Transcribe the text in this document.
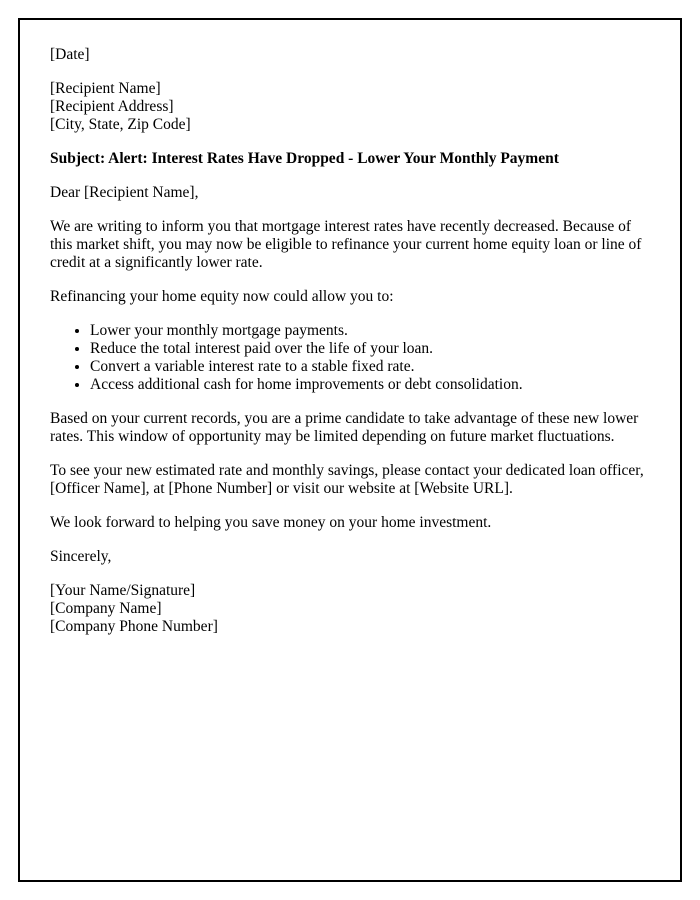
[Date]

[Recipient Name]

[Recipient Address]

[City, State, Zip Code]

Subject: Alert: Interest Rates Have Dropped - Lower Your Monthly Payment

Dear [Recipient Name],

We are writing to inform you that mortgage interest rates have recently decreased. Because of this market shift, you may now be eligible to refinance your current home equity loan or line of credit at a significantly lower rate.

Refinancing your home equity now could allow you to:

• Lower your monthly mortgage payments.
• Reduce the total interest paid over the life of your loan.
• Convert a variable interest rate to a stable fixed rate.
• Access additional cash for home improvements or debt consolidation.

Based on your current records, you are a prime candidate to take advantage of these new lower rates. This window of opportunity may be limited depending on future market fluctuations.

To see your new estimated rate and monthly savings, please contact your dedicated loan officer, [Officer Name], at [Phone Number] or visit our website at [Website URL].

We look forward to helping you save money on your home investment.

Sincerely,

[Your Name/Signature]

[Company Name]

[Company Phone Number]
